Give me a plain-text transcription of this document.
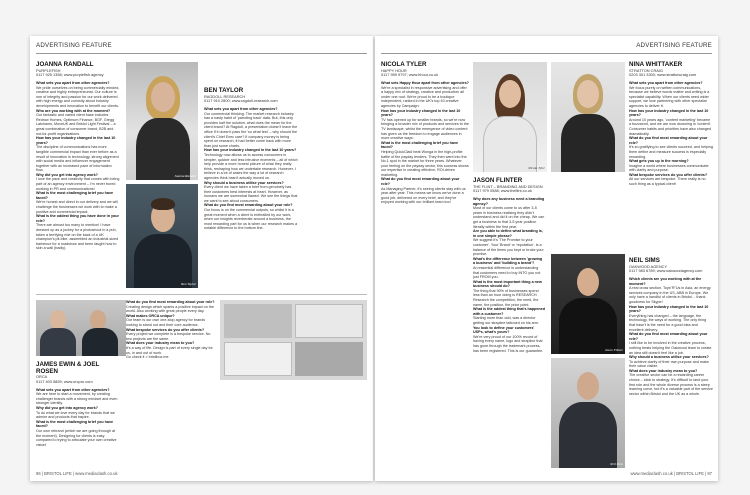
ADVERTISING FEATURE
JOANNA RANDALL
PURPLEFISH
0117 925 1358; www.purplefish.agency
What sets you apart from other agencies?
We pride ourselves on being commercially minded, creative and highly entrepreneurial. Our culture is one of integrity and passion for our work delivered with high energy and curiosity about industry developments and innovation to benefit our clients.
Who are you working with at the moment?
Our fantastic and varied client base includes Redrow Homes, Optimum Finance, BGF, Gregg Latchams, MoveUK and Bristol Light Festival – a great combination of consumer brand, B2B and not-for-profit organisations.
How has your industry changed in the last 10 years?
The discipline of communications has more tangible commercial impact than ever before as a result of innovation in technology, strong alignment with social media and influencer engagement together with an increased pace of information flow.
Why did you get into agency work?
I love the pace and creativity that comes with being part of an agency environment – I'm never bored working in PR and communications!
What is the most challenging brief you have faced?
We're honest and direct in our delivery and we will challenge the businesses we work with to make a positive and commercial impact.
What is the oddest thing you have done in your role?
There are almost too many to mention! I have dressed up as a jockey for a photoshoot in a pub, taken a terrifying ride on the back of a UK champion's pit-bike, assembled an industrial-sized barbecue for a roadshow and been taught how to skin a wall (badly).
Joanna Randall
Ben Taylor
BEN TAYLOR
RAGDOLL RESEARCH
0117 910 2800; www.ragdoll-research.com
What sets you apart from other agencies?
Our commercial thinking. The market research industry has a nasty habit of 'parroting back' data. But, this only provides half the solution, what does the mean for the client brand? At Ragdoll, a presentation doesn't leave the office if it doesn't pass the 'so what test' – why should the client's Chief Exec care? If company money is being spent on research, it had better come back with more than just some charts.
How has your industry changed in the last 10 years?
Technology now allows us to access consumers in simpler, quicker and less intrusive moments – all of which help provide a more honest picture of what they really think, reshaping how we undertake research. However, I believe in a lot of cases the way a lot of research agencies think hasn't actually moved on.
Why should a business utilise your services?
Every client we have taken a brief from genuinely has their customers best interests at heart. However, as humans we are somewhat flawed. We see the things that we want to see about consumers.
What do you find most rewarding about your role?
Our focus is on the commercial outputs, so whilst it is a great moment when a client is enthralled by our work, when our insights reverberate around a business, the most rewarding part for us is when our research makes a notable difference to the bottom line.
JAMES EWIN & JOEL ROSEN
ORCA
0117 403 5859; www.orcpro.com
What sets you apart from other agencies?
We are here to start a movement, by creating challenger brands with a strong mindset and even stronger identity.
Why did you get into agency work?
To do what we love every day for brands that we admire and products that inspire.
What is the most challenging brief you have faced?
Our own rebrand (which we are going through at the moment). Designing for clients is easy compared to trying to articulate your own creative vision!
What do you find most rewarding about your role?
Creating design which sparks a positive impact on the world. Also working with great people every day.
What makes ORCA unique?
Our team is our own one-stop agency for brands looking to stand out and their core audience.
What bespoke services do you offer clients?
Every project we complete is a bespoke service. No two projects are the same.
What does your industry mean to you?
It's a way of life. Design is part of every single day for us, in and out of work.
Go check it > bristlbox.me
96 | BRISTOL LIFE | www.mediaclash.co.uk
ADVERTISING FEATURE
NICOLA TYLER
HAPPY HOUR
0117 959 9797; www.hhour.co.uk
What sets Happy Hour apart from other agencies?
We're a specialist in responsive advertising and offer a happy mix of strategy, creative and production all under one roof. We're proud to be a boutique independent, ranked in the UK's top 40 creative agencies by Campaign.
How has your industry changed in the last 10 years?
TV has opened up for smaller brands, so we're now bringing a broader mix of products and services to the TV landscape, whilst the emergence of video content has given us the freedom to engage audiences in more creative ways.
What is the most challenging brief you have faced?
Helping QuickClaid beat Wonga in the high-profile battle of the payday lenders. They then went into the No.1 spot in the market for three years. Whatever your feeling on the payday sector, this success shows our expertise in creating effective, ROI-driven marketing.
What do you find most rewarding about your role?
As Managing Partner, it's seeing clients stay with us year after year. This means we know we've done a good job, delivered on every brief, and they've enjoyed working with our brilliant team too!
Nicola Tyler
NINA WHITTAKER
STRATTON CRAIG
0203 301 3300; www.strattoncraig.com
What sets you apart from other agencies?
We focus purely on written communications, because we believe words matter and writing is a specialist capability. When our clients need wider support, we love partnering with other specialist agencies to deliver it.
How has your industry changed in the last 10 years?
Around 10 years ago, 'content marketing' became a buzzword, and we are now drowning in 'content'. Consumer habits and priorities have also changed dramatically.
What do you find most rewarding about your role?
It's so gratifying to see clients succeed, and helping them define and measure success is especially rewarding.
What gets you up in the morning?
Imagine a world where businesses communicate with clarity and purpose.
What bespoke services do you offer clients?
All our services are bespoke. There really is no such thing as a typical client!
JASON FLINTER
THE FLINT – BRANDING AND DESIGN
0117 979 0588; www.theflint.co.uk
Why does any business need a branding agency?
Most of our clients come to us after 3-5 years in business realising they didn't understand and did it on the cheap. We can get a business to that 3-5 year position literally within the first year.
Are you able to define what branding is, in one simple phrase?
We suggest it's 'The Promise to your customer'. Your 'Brand' or 'reputation', is a balance of the times you kept or broke your promise.
What's the difference between 'growing a business' and 'building a brand'?
An essential difference is understanding that customers need to buy INTO you not just FROM you.
What is the most important thing a new business should do?
The thing that 90% of businesses spend less than an hour doing is RESEARCH. Research the competition, the need, the name, the position, the price point.
What is the oddest thing that's happened with a customer?
Starting more than odd, was a director getting our strapline tattooed on his arm.
You look to define your customers' USPs, what's yours?
We're very proud of our 100% record of having every name, logo and strapline that has gone through the trademark process, has been registered. This is our guarantee.	Jason Flinter
Neil Sims
NEIL SIMS
OAKWOOD AGENCY
0117 983 6789; www.oakwoodagency.com
Which clients are you working with at the moment?
A real cross section. Toys"R"Us in Asia, an energy services company in the US, ABB in Europe. We only have a handful of clients in Bristol… thank goodness for Skype!
How has your industry changed in the last 10 years?
Everything has changed – the language, the technology, the ways of working. The only thing that hasn't is the need for a good idea and excellent delivery.
What do you find most rewarding about your role?
I still like to be involved in the creative process; nothing beats helping the Oakwood team to create an idea still doesn't feel like a job.
Why should a business utilise your services?
To achieve clarity of their own purpose and make their value visible.
What does your industry mean to you?
The creative sector can be a rewarding career choice – stick to strategy. It's difficult to land your first role and the whole diverse process is a steep learning curve, but it's a valuable part of the service sector within Bristol and the UK as a whole.
www.mediaclash.co.uk | BRISTOL LIFE | 97
